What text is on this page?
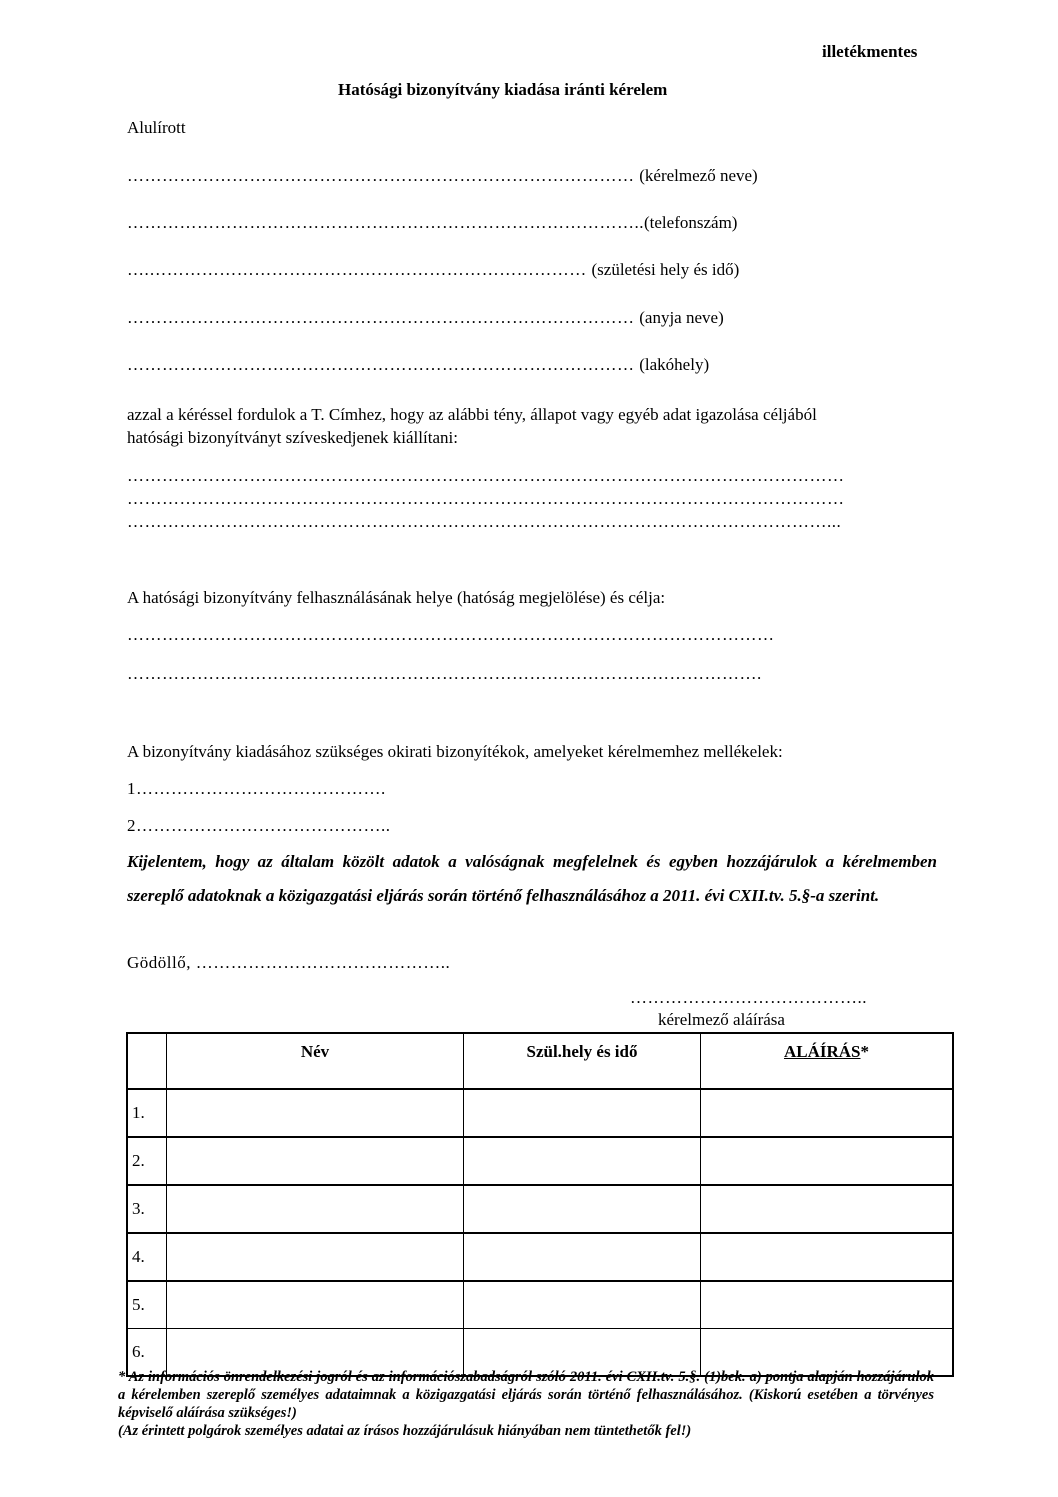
illetékmentes
Hatósági bizonyítvány kiadása iránti kérelem
Alulírott
…………………………………………………………………………… (kérelmező neve)
……………………………………………………………………………..(telefonszám)
….………………………………………………………………… (születési hely és idő)
…………………………………………………………………………… (anyja neve)
…………………………………………………………………………… (lakóhely)
azzal a kéréssel fordulok a T. Címhez, hogy az alábbi tény, állapot vagy egyéb adat igazolása céljából
hatósági bizonyítványt szíveskedjenek kiállítani:
……………………………………………………………………………………………………………
……………………………………………………………………………………………………………
…………………………………………………………………………………………………………...
A hatósági bizonyítvány felhasználásának helye (hatóság megjelölése) és célja:
…………………………………………………………………………………………………
……………………………………………………………………………………………….
A bizonyítvány kiadásához szükséges okirati bizonyítékok, amelyeket kérelmemhez mellékelek:
1…………………………………….
2……………………………………..
Kijelentem, hogy az általam közölt adatok a valóságnak megfelelnek és egyben hozzájárulok a kérelmemben szereplő adatoknak a közigazgatási eljárás során történő felhasználásához a 2011. évi CXII.tv. 5.§-a szerint.
Gödöllő, ……………………………………..
…………………………………..
kérelmező aláírása
	Név	Szül.hely és idő	ALÁÍRÁS*
1.			
2.			
3.			
4.			
5.			
6.			
* Az információs önrendelkezési jogról és az információszabadságról szóló 2011. évi CXII.tv. 5.§. (1)bek. a) pontja alapján hozzájárulok a kérelemben szereplő személyes adataimnak a közigazgatási eljárás során történő felhasználásához. (Kiskorú esetében a törvényes képviselő aláírása szükséges!)
(Az érintett polgárok személyes adatai az írásos hozzájárulásuk hiányában nem tüntethetők fel!)
